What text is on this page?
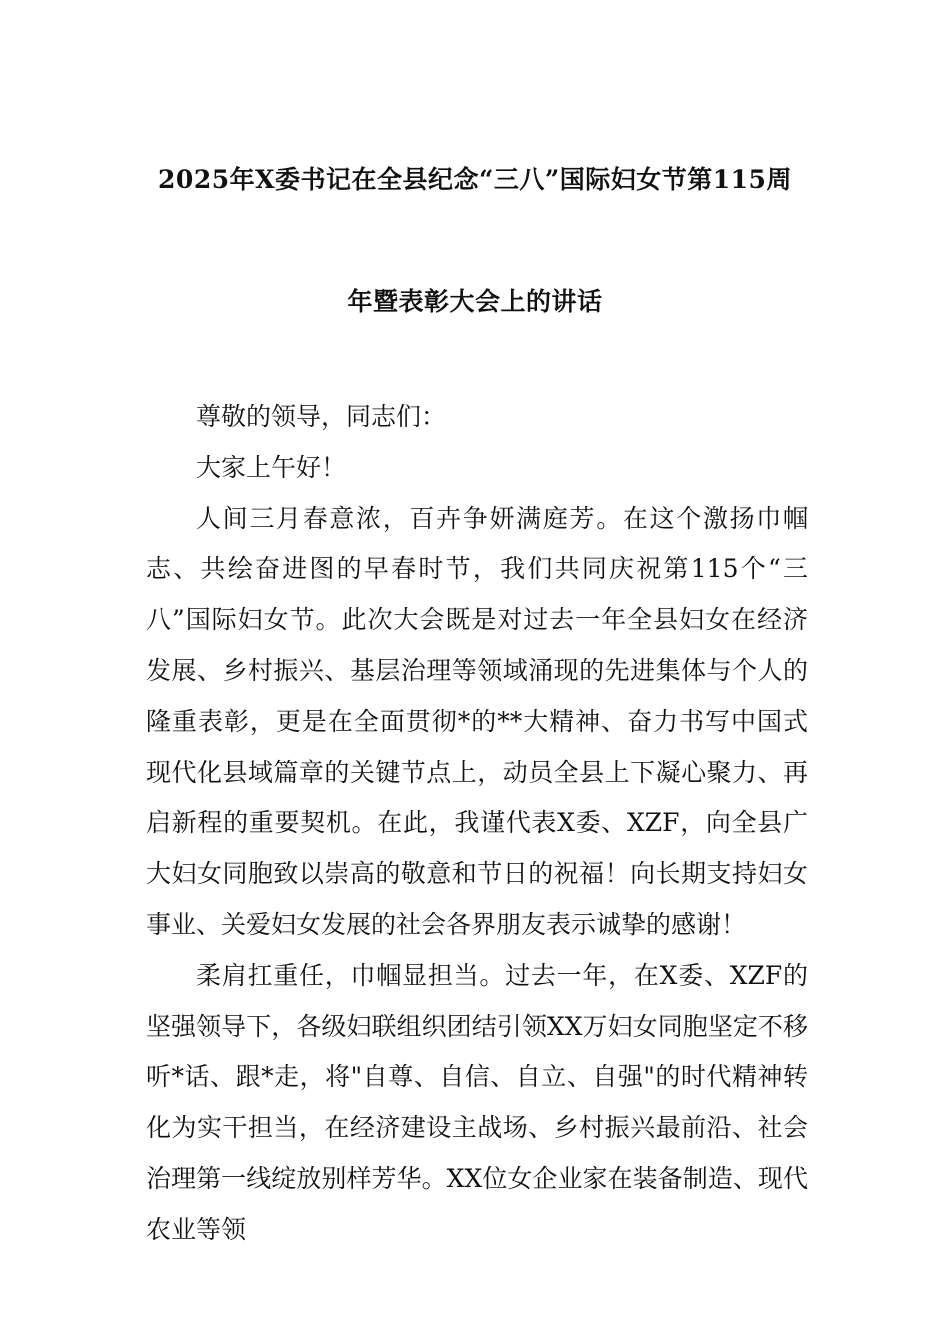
2025年X委书记在全县纪念“三八”国际妇女节第115周
年暨表彰大会上的讲话

尊敬的领导，同志们：

大家上午好！

人间三月春意浓，百卉争妍满庭芳。在这个激扬巾帼志、共绘奋进图的早春时节，我们共同庆祝第115个“三八”国际妇女节。此次大会既是对过去一年全县妇女在经济发展、乡村振兴、基层治理等领域涌现的先进集体与个人的隆重表彰，更是在全面贯彻*的**大精神、奋力书写中国式现代化县域篇章的关键节点上，动员全县上下凝心聚力、再启新程的重要契机。在此，我谨代表X委、XZF，向全县广大妇女同胞致以崇高的敬意和节日的祝福！向长期支持妇女事业、关爱妇女发展的社会各界朋友表示诚挚的感谢！

柔肩扛重任，巾帼显担当。过去一年，在X委、XZF的坚强领导下，各级妇联组织团结引领XX万妇女同胞坚定不移听*话、跟*走，将"自尊、自信、自立、自强"的时代精神转化为实干担当，在经济建设主战场、乡村振兴最前沿、社会治理第一线绽放别样芳华。XX位女企业家在装备制造、现代农业等领
